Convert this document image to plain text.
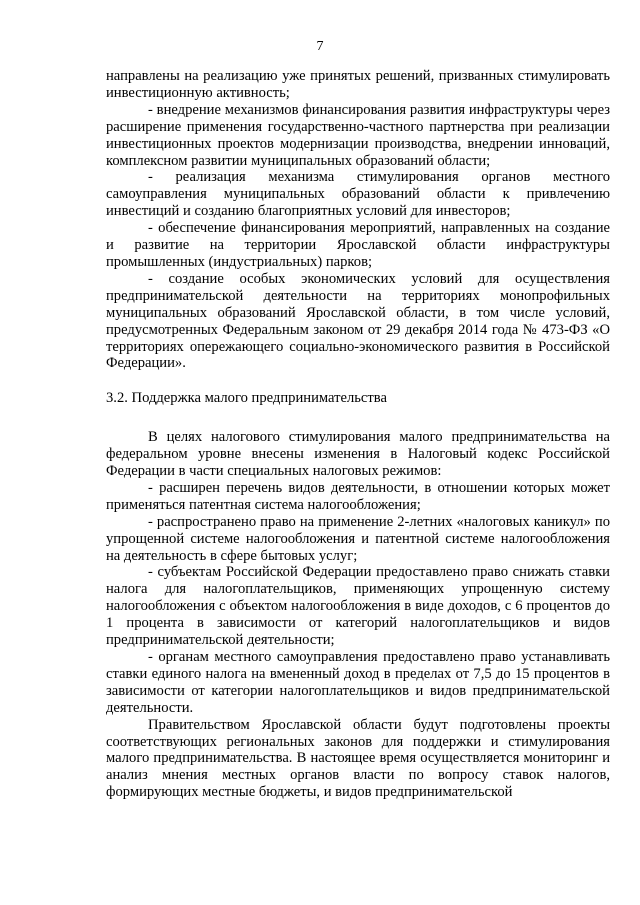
7

направлены на реализацию уже принятых решений, призванных стимулировать инвестиционную активность;

- внедрение механизмов финансирования развития инфраструктуры через расширение применения государственно-частного партнерства при реализации инвестиционных проектов модернизации производства, внедрении инноваций, комплексном развитии муниципальных образований области;

- реализация механизма стимулирования органов местного самоуправления муниципальных образований области к привлечению инвестиций и созданию благоприятных условий для инвесторов;

- обеспечение финансирования мероприятий, направленных на создание и развитие на территории Ярославской области инфраструктуры промышленных (индустриальных) парков;

- создание особых экономических условий для осуществления предпринимательской деятельности на территориях монопрофильных муниципальных образований Ярославской области, в том числе условий, предусмотренных Федеральным законом от 29 декабря 2014 года № 473-ФЗ «О территориях опережающего социально-экономического развития в Российской Федерации».

3.2. Поддержка малого предпринимательства

В целях налогового стимулирования малого предпринимательства на федеральном уровне внесены изменения в Налоговый кодекс Российской Федерации в части специальных налоговых режимов:

- расширен перечень видов деятельности, в отношении которых может применяться патентная система налогообложения;

- распространено право на применение 2-летних «налоговых каникул» по упрощенной системе налогообложения и патентной системе налогообложения на деятельность в сфере бытовых услуг;

- субъектам Российской Федерации предоставлено право снижать ставки налога для налогоплательщиков, применяющих упрощенную систему налогообложения с объектом налогообложения в виде доходов, с 6 процентов до 1 процента в зависимости от категорий налогоплательщиков и видов предпринимательской деятельности;

- органам местного самоуправления предоставлено право устанавливать ставки единого налога на вмененный доход в пределах от 7,5 до 15 процентов в зависимости от категории налогоплательщиков и видов предпринимательской деятельности.

Правительством Ярославской области будут подготовлены проекты соответствующих региональных законов для поддержки и стимулирования малого предпринимательства. В настоящее время осуществляется мониторинг и анализ мнения местных органов власти по вопросу ставок налогов, формирующих местные бюджеты, и видов предпринимательской
